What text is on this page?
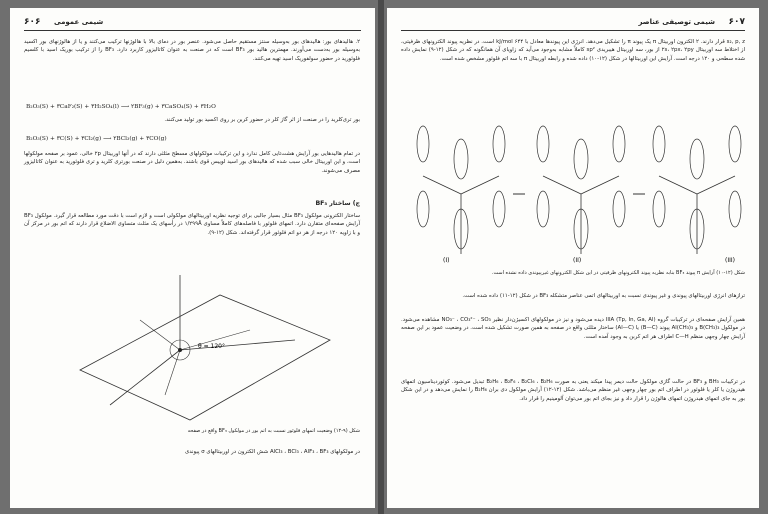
۶۰۶ شیمی عمومی
۲. هالیدهای بور: هالیدهای بور به‌وسیله سنتز مستقیم حاصل می‌شود. عنصر بور در دمای بالا با هالوژنها ترکیب می‌کنند و یا از هالوژنهای بور اکسید به‌وسیله بور به‌دست می‌آورند. مهمترین هالید بور BF₃ است که در صنعت به عنوان کاتالیزور کاربرد دارد. BF₃ را از ترکیب بوریک اسید با کلسیم فلوئورید در حضور سولفوریک اسید تهیه می‌کنند.
B₂O₃(S) + ۳CaF₂(S) + ۳H₂SO₄(l) ⟶ ۲BF₃(g) + ۳CaSO₄(S) + ۳H₂O
بور تری‌کلرید را در صنعت از اثر گاز کلر در حضور کربن بر روی اکسید بور تولید می‌کنند.
B₂O₃(S) + ۳C(S) + ۳Cl₂(g) ⟶ ۲BCl₃(g) + ۳CO(g)
در تمام هالیدهایی بور آرایش هشت‌تایی کامل ندارد و این ترکیبات مولکولهای مسطح مثلثی دارند که در آنها اوربیتال ۲p خالی، عمود بر صفحه مولکولها است، و این اوربیتال خالی سبب شده که هالیدهای بور اسید لوییس قوی باشند. به‌همین دلیل در صنعت بورتری کلرید و تری فلوئورید به عنوان کاتالیزور مصرف می‌شوند.
ج) ساختار BF₃
ساختار الکترونی مولکول BF₃ مثال بسیار جالبی برای توجیه نظریه اوربیتالهای مولکولی است و لازم است با دقت مورد مطالعه قرار گیرد. مولکول BF₃ آرایش صفحه‌ای متقارن دارد. اتمهای فلوئور با فاصله‌های کاملاً مساوی ۱/۲۹۹Å در رأسهای یک مثلث متساوی الاضلاع قرار دارند که اتم بور در مرکز آن و با زاویه ۱۲۰ درجه از هر دو اتم فلوئور قرار گرفته‌اند. شکل (۱۲-۹).
θ = 120°
شکل (۹-۱۲) وضعیت اتمهای فلوئور نسبت به اتم بور در مولکول BF₃ واقع در صفحه
در مولکولهای AlCl₃ ، BCl₃ ، AlF₃ ، BF₃ شش الکترون در اوربیتالهای σ پیوندی
۶۰۷
شیمی توصیفی عناصر
s₂, p, z قرار دارند. ۲ الکترون اوربیتال π یک پیوند π را تشکیل می‌دهد. انرژی این پیوندها معادل با ۶۴۴ kJ/mol است. در نظریه پیوند الکترونهای ظرفیتی، از اختلاط سه اوربیتال ۲s، ۲px، ۲py از بور، سه اوربیتال هیبریدی sp² کاملاً مشابه به‌وجود می‌آید که زاویای آن همانگونه که در شکل (۱۲-۹) نمایش داده شده سطحی و ۱۲۰ درجه است. آرایش این اوربیتالها در شکل (۱۲-۱۰) داده شده و رابطه اوربیتال π با سه اتم فلوئور مشخص شده است.
(I)	(II)	(III)
شکل (۱۲-۱۰) آرایش π پیوند BF₃ بنابه نظریه پیوند الکترونهای ظرفیتی در این شکل الکترونهای غیرپیوندی داده نشده است.
ترازهای انرژی اوربیتالهای پیوندی و غیر پیوندی نسبت به اوربیتالهای اتمی عناصر متشکله BF₃ در شکل (۱۲-۱۱) داده شده است.
همین آرایش صفحه‌ای در ترکیبات گروه IIIA (Tp, In, Ga, Al) دیده می‌شود و نیز در مولکولهای اکسیژن‌دار نظیر NO₃⁻ ، CO₃²⁻ ، SO₃ مشاهده می‌شود. در مولکول B(CH₃)₃ و Al(CH₃)₃ پیوند (B—C) یا (Al—C) ساختار مثلثی واقع در صفحه به همین صورت تشکیل شده است. در وضعیت عمود بر این صفحه آرایش چهار وجهی منظم C—H اطراف هر اتم کربن به وجود آمده است.
در ترکیبات BH₃ و BF₃ در حالت گازی مولکول حالت دیمر پیدا میکند یعنی به صورت B₂H₆ ، B₂F₆ ، B₂Cl₆ ، B₂H₆ تبدیل می‌شود. کوئوردیناسیون اتمهای هیدروژن یا کلر یا فلوئور در اطراف اتم بور چهار وجهی غیر منظم می‌باشد. شکل (۱۲-۱۲) آرایش مولکول دی بران B₂H₆ را نمایش می‌دهد و در این شکل بور به جای اتمهای هیدروژن اتمهای هالوژن را قرار داد و نیز بجای اتم بور می‌توان آلومینیم را قرار داد.
